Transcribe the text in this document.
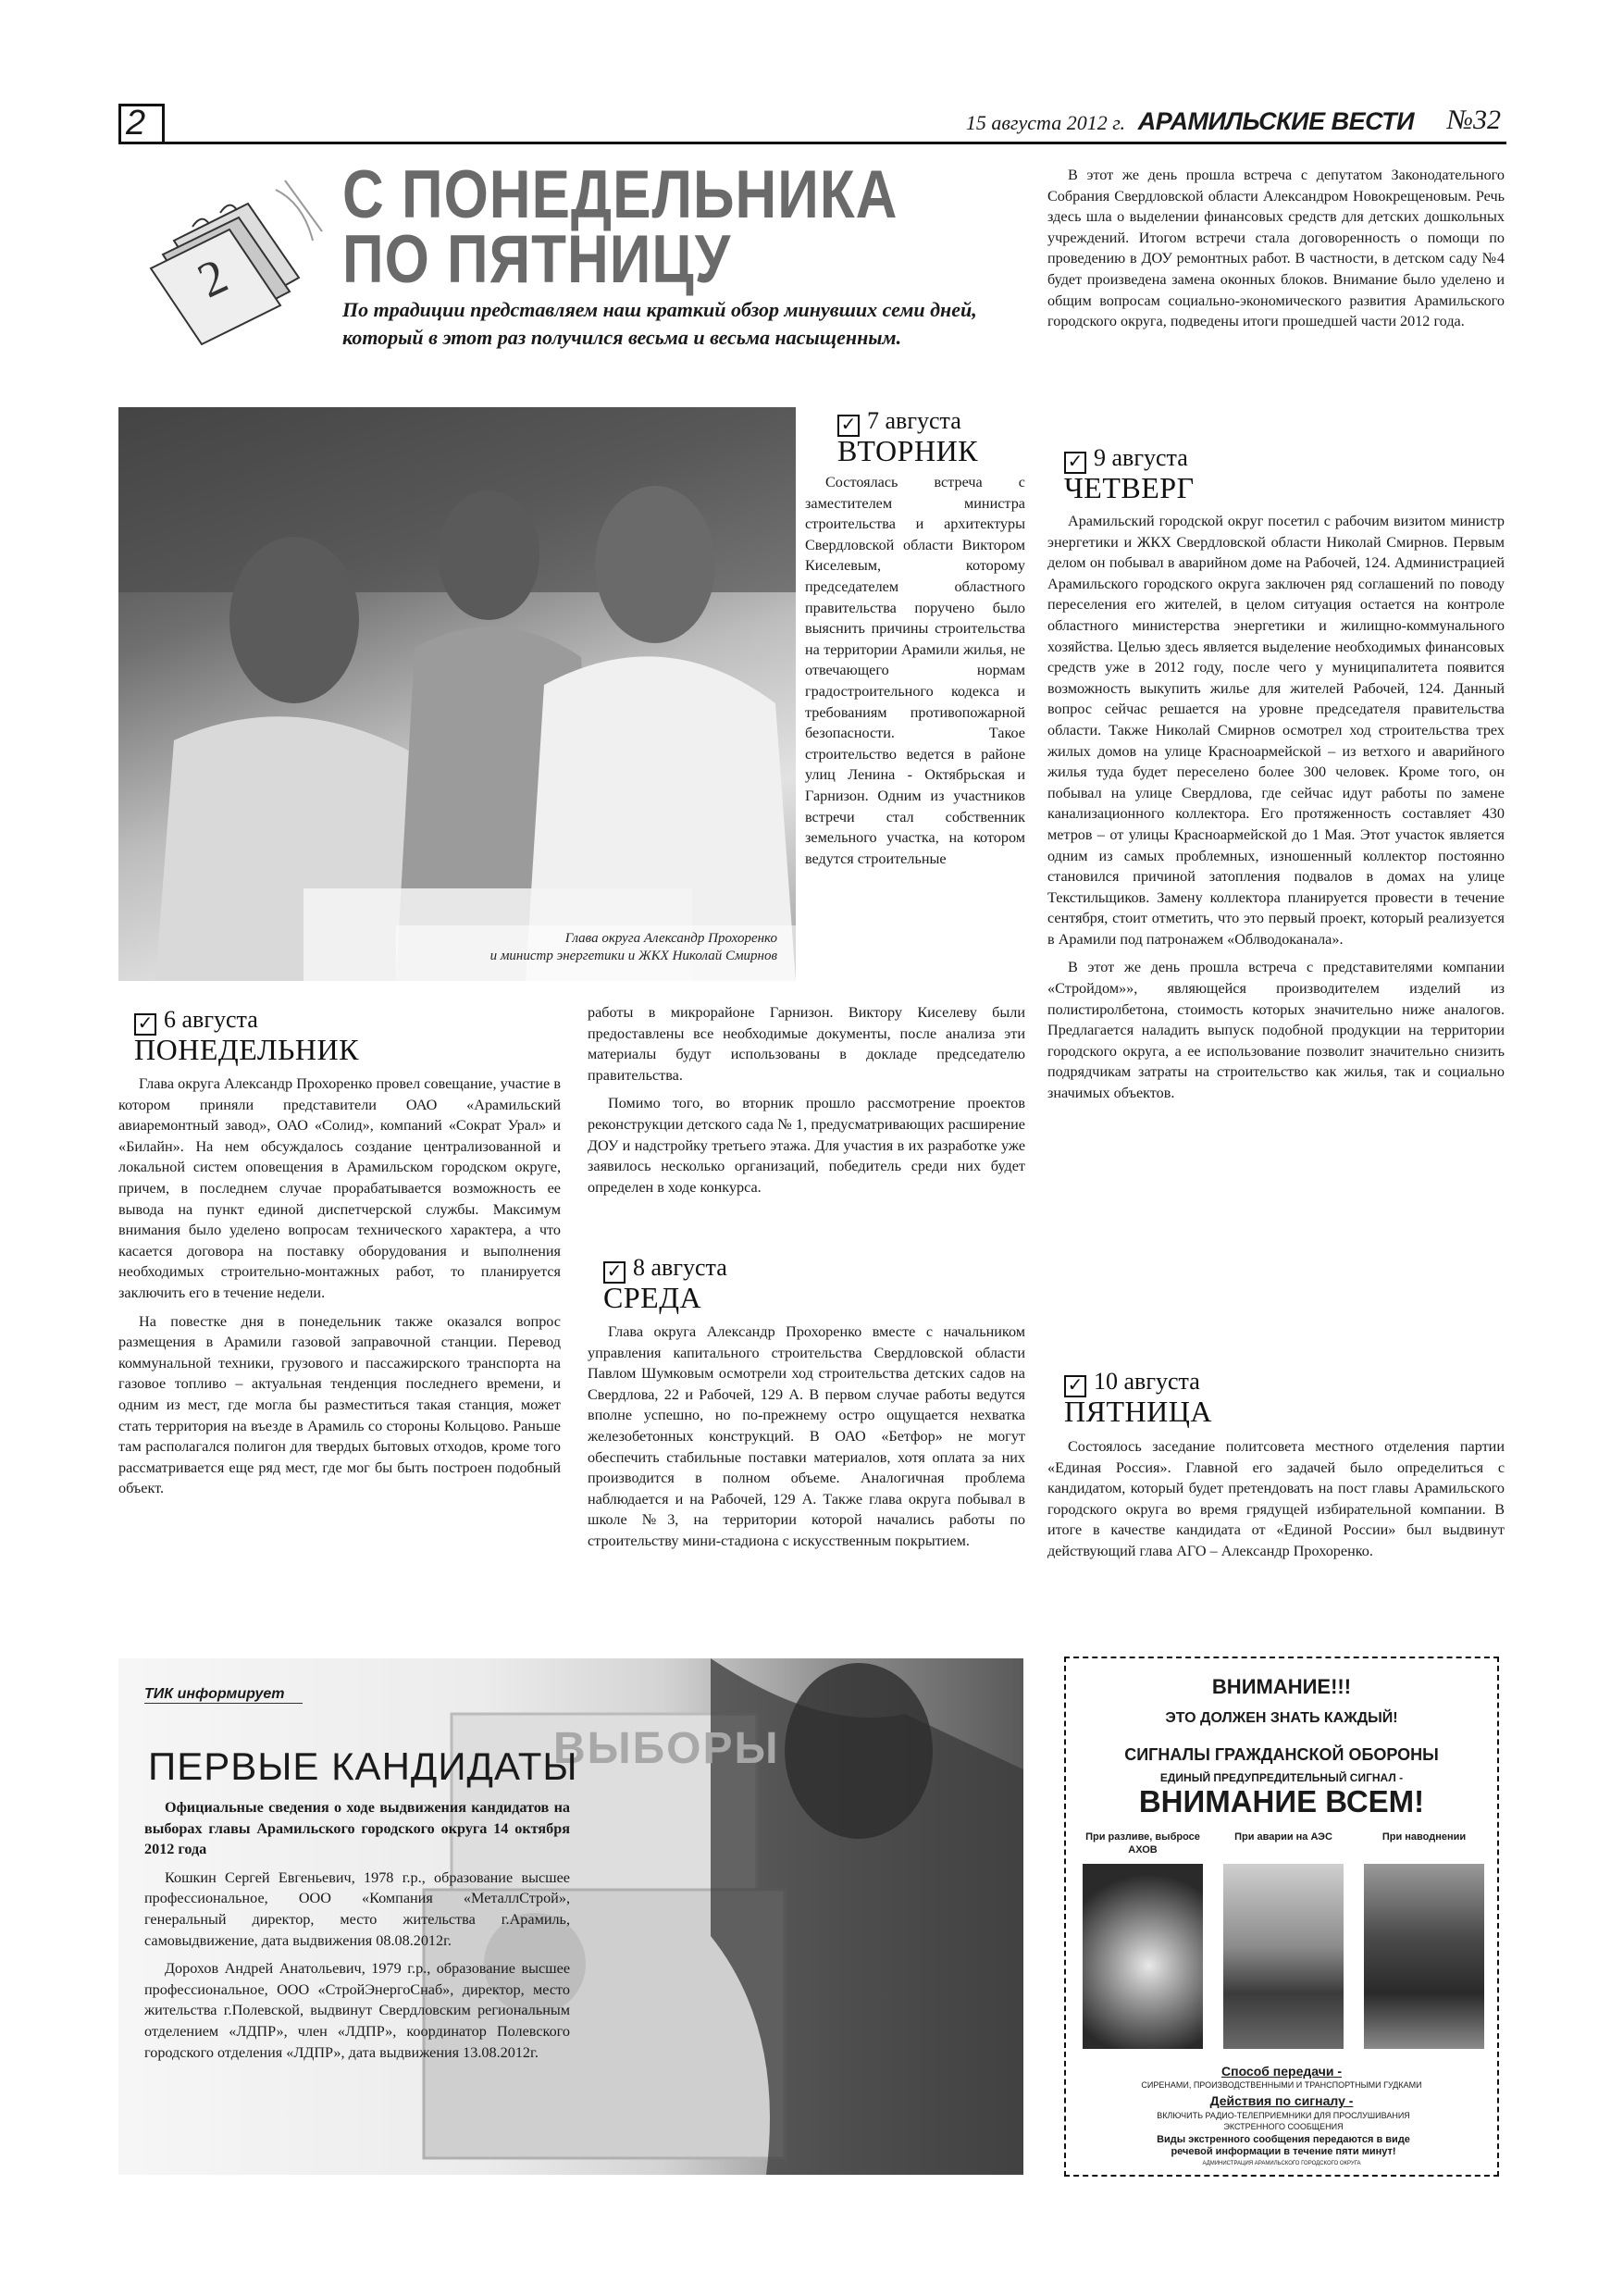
2	15 августа 2012 г. АРАМИЛЬСКИЕ ВЕСТИ №32
2
С ПОНЕДЕЛЬНИКА
ПО ПЯТНИЦУ
По традиции представляем наш краткий обзор минувших семи дней, который в этот раз получился весьма и весьма насыщенным.
Глава округа Александр Прохоренко
и министр энергетики и ЖКХ Николай Смирнов
✓ 7 августа
ВТОРНИК

Состоялась встреча с заместителем министра строительства и архитектуры Свердловской области Виктором Киселевым, которому председателем областного правительства поручено было выяснить причины строительства на территории Арамили жилья, не отвечающего нормам градостроительного кодекса и требованиям противопожарной безопасности. Такое строительство ведется в районе улиц Ленина - Октябрьская и Гарнизон. Одним из участников встречи стал собственник земельного участка, на котором ведутся строительные

работы в микрорайоне Гарнизон. Виктору Киселеву были предоставлены все необходимые документы, после анализа эти материалы будут использованы в докладе председателю правительства.

Помимо того, во вторник прошло рассмотрение проектов реконструкции детского сада № 1, предусматривающих расширение ДОУ и надстройку третьего этажа. Для участия в их разработке уже заявилось несколько организаций, победитель среди них будет определен в ходе конкурса.

✓ 8 августа
СРЕДА

Глава округа Александр Прохоренко вместе с начальником управления капитального строительства Свердловской области Павлом Шумковым осмотрели ход строительства детских садов на Свердлова, 22 и Рабочей, 129 А. В первом случае работы ведутся вполне успешно, но по-прежнему остро ощущается нехватка железобетонных конструкций. В ОАО «Бетфор» не могут обеспечить стабильные поставки материалов, хотя оплата за них производится в полном объеме. Аналогичная проблема наблюдается и на Рабочей, 129 А. Также глава округа побывал в школе №3, на территории которой начались работы по строительству мини-стадиона с искусственным покрытием.

✓ 6 августа
ПОНЕДЕЛЬНИК

Глава округа Александр Прохоренко провел совещание, участие в котором приняли представители ОАО «Арамильский авиаремонтный завод», ОАО «Солид», компаний «Сократ Урал» и «Билайн». На нем обсуждалось создание централизованной и локальной систем оповещения в Арамильском городском округе, причем, в последнем случае прорабатывается возможность ее вывода на пункт единой диспетчерской службы. Максимум внимания было уделено вопросам технического характера, а что касается договора на поставку оборудования и выполнения необходимых строительно-монтажных работ, то планируется заключить его в течение недели.

На повестке дня в понедельник также оказался вопрос размещения в Арамили газовой заправочной станции. Перевод коммунальной техники, грузового и пассажирского транспорта на газовое топливо – актуальная тенденция последнего времени, и одним из мест, где могла бы разместиться такая станция, может стать территория на въезде в Арамиль со стороны Кольцово. Раньше там располагался полигон для твердых бытовых отходов, кроме того рассматривается еще ряд мест, где мог бы быть построен подобный объект.

В этот же день прошла встреча с депутатом Законодательного Собрания Свердловской области Александром Новокрещеновым. Речь здесь шла о выделении финансовых средств для детских дошкольных учреждений. Итогом встречи стала договоренность о помощи по проведению в ДОУ ремонтных работ. В частности, в детском саду №4 будет произведена замена оконных блоков. Внимание было уделено и общим вопросам социально-экономического развития Арамильского городского округа, подведены итоги прошедшей части 2012 года.

✓ 9 августа
ЧЕТВЕРГ

Арамильский городской округ посетил с рабочим визитом министр энергетики и ЖКХ Свердловской области Николай Смирнов. Первым делом он побывал в аварийном доме на Рабочей, 124. Администрацией Арамильского городского округа заключен ряд соглашений по поводу переселения его жителей, в целом ситуация остается на контроле областного министерства энергетики и жилищно-коммунального хозяйства. Целью здесь является выделение необходимых финансовых средств уже в 2012 году, после чего у муниципалитета появится возможность выкупить жилье для жителей Рабочей, 124. Данный вопрос сейчас решается на уровне председателя правительства области. Также Николай Смирнов осмотрел ход строительства трех жилых домов на улице Красноармейской – из ветхого и аварийного жилья туда будет переселено более 300 человек. Кроме того, он побывал на улице Свердлова, где сейчас идут работы по замене канализационного коллектора. Его протяженность составляет 430 метров – от улицы Красноармейской до 1 Мая. Этот участок является одним из самых проблемных, изношенный коллектор постоянно становился причиной затопления подвалов в домах на улице Текстильщиков. Замену коллектора планируется провести в течение сентября, стоит отметить, что это первый проект, который реализуется в Арамили под патронажем «Облводоканала».

В этот же день прошла встреча с представителями компании «Стройдом»», являющейся производителем изделий из полистиролбетона, стоимость которых значительно ниже аналогов. Предлагается наладить выпуск подобной продукции на территории городского округа, а ее использование позволит значительно снизить подрядчикам затраты на строительство как жилья, так и социально значимых объектов.

✓ 10 августа
ПЯТНИЦА

Состоялось заседание политсовета местного отделения партии «Единая Россия». Главной его задачей было определиться с кандидатом, который будет претендовать на пост главы Арамильского городского округа во время грядущей избирательной компании. В итоге в качестве кандидата от «Единой России» был выдвинут действующий глава АГО – Александр Прохоренко.

ВЫБОРЫ
ТИК информирует
ПЕРВЫЕ КАНДИДАТЫ

Официальные сведения о ходе выдвижения кандидатов на выборах главы Арамильского городского округа 14 октября 2012 года

Кошкин Сергей Евгеньевич, 1978 г.р., образование высшее профессиональное, ООО «Компания «МеталлСтрой», генеральный директор, место жительства г.Арамиль, самовыдвижение, дата выдвижения 08.08.2012г.

Дорохов Андрей Анатольевич, 1979 г.р., образование высшее профессиональное, ООО «СтройЭнергоСнаб», директор, место жительства г.Полевской, выдвинут Свердловским региональным отделением «ЛДПР», член «ЛДПР», координатор Полевского городского отделения «ЛДПР», дата выдвижения 13.08.2012г.

ВНИМАНИЕ!!!
ЭТО ДОЛЖЕН ЗНАТЬ КАЖДЫЙ!
СИГНАЛЫ ГРАЖДАНСКОЙ ОБОРОНЫ
ЕДИНЫЙ ПРЕДУПРЕДИТЕЛЬНЫЙ СИГНАЛ -
ВНИМАНИЕ ВСЕМ!
При разливе, выбросе АХОВ
При аварии на АЭС	При наводнении
Способ передачи -
СИРЕНАМИ, ПРОИЗВОДСТВЕННЫМИ И ТРАНСПОРТНЫМИ ГУДКАМИ
Действия по сигналу -
ВКЛЮЧИТЬ РАДИО-ТЕЛЕПРИЕМНИКИ ДЛЯ ПРОСЛУШИВАНИЯ ЭКСТРЕННОГО СООБЩЕНИЯ
Виды экстренного сообщения передаются в виде речевой информации в течение пяти минут!
АДМИНИСТРАЦИЯ АРАМИЛЬСКОГО ГОРОДСКОГО ОКРУГА
